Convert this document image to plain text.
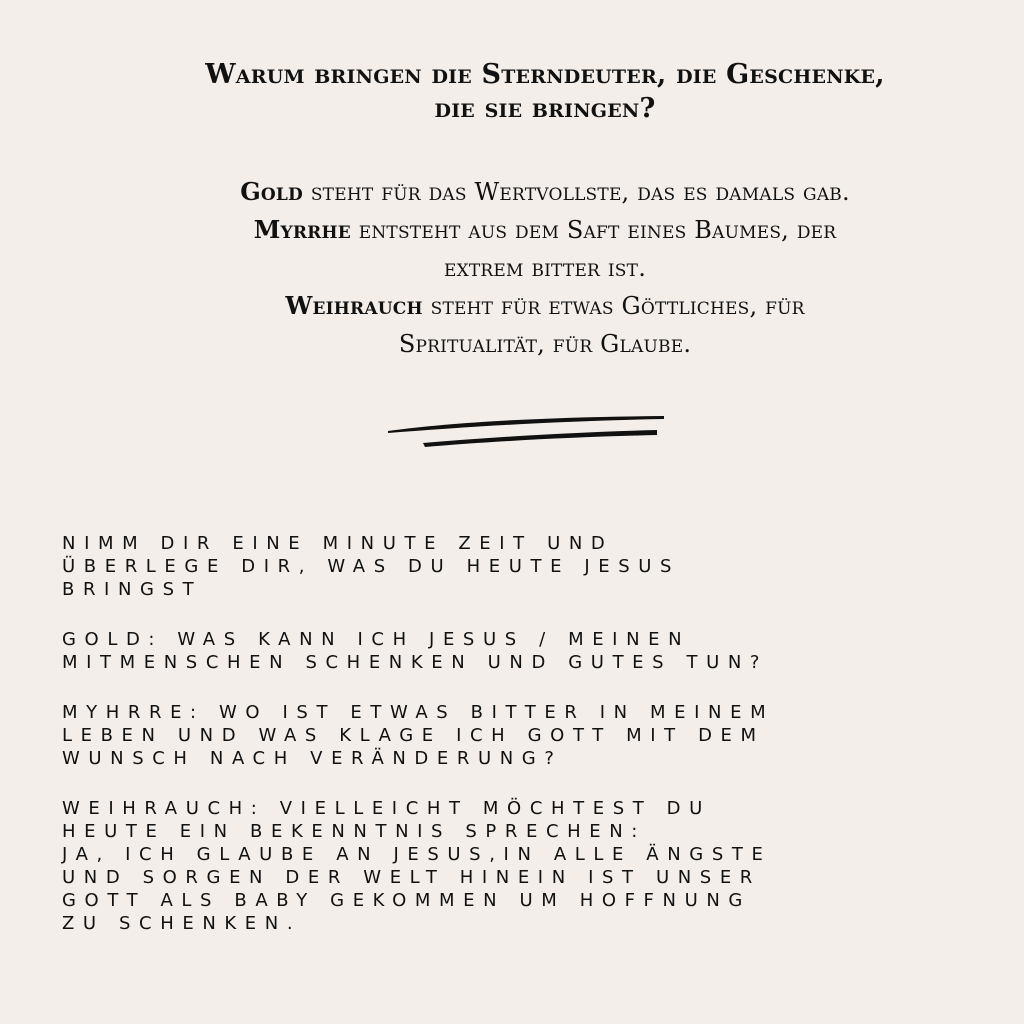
Warum bringen die Sterndeuter, die Geschenke,
die sie bringen?
Gold steht für das Wertvollste, das es damals gab.
Myrrhe entsteht aus dem Saft eines Baumes, der
extrem bitter ist.
Weihrauch steht für etwas Göttliches, für
Spritualität, für Glaube.

NIMM DIR EINE MINUTE ZEIT UND
ÜBERLEGE DIR, WAS DU HEUTE JESUS
BRINGST

GOLD: WAS KANN ICH JESUS / MEINEN
MITMENSCHEN SCHENKEN UND GUTES TUN?

MYHRRE: WO IST ETWAS BITTER IN MEINEM
LEBEN UND WAS KLAGE ICH GOTT MIT DEM
WUNSCH NACH VERÄNDERUNG?

WEIHRAUCH: VIELLEICHT MÖCHTEST DU
HEUTE EIN BEKENNTNIS SPRECHEN:
JA, ICH GLAUBE AN JESUS,IN ALLE ÄNGSTE
UND SORGEN DER WELT HINEIN IST UNSER
GOTT ALS BABY GEKOMMEN UM HOFFNUNG
ZU SCHENKEN.
